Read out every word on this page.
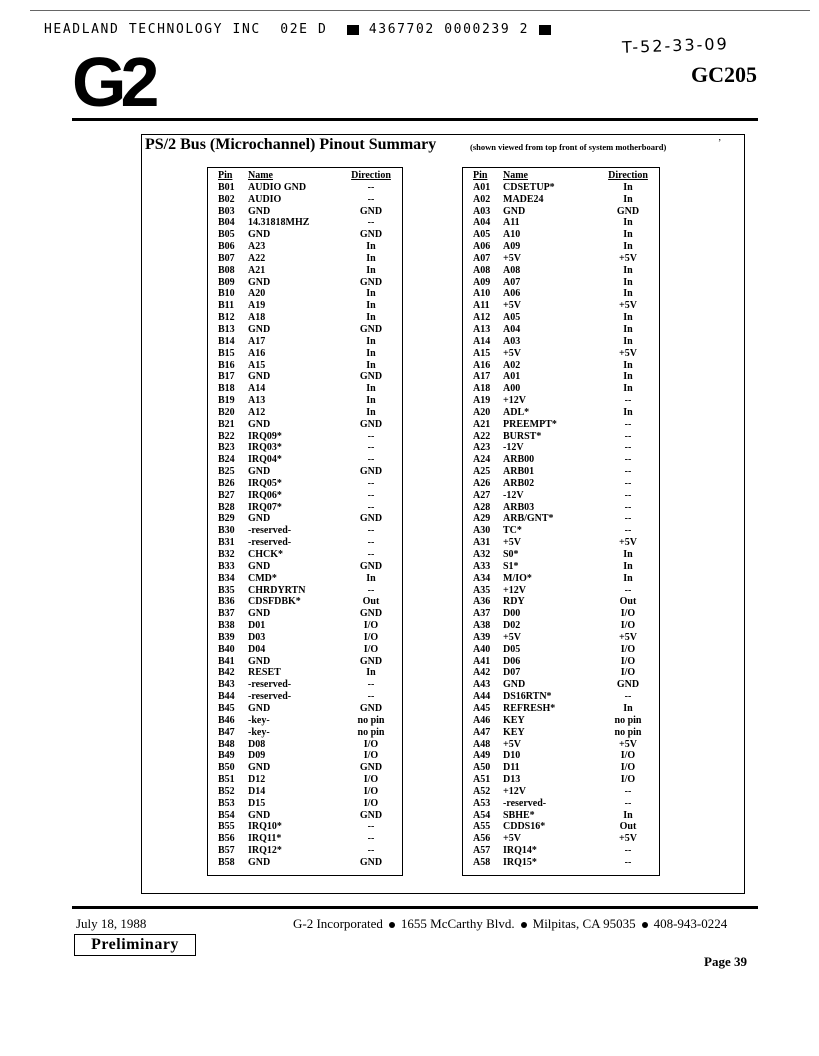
HEADLAND TECHNOLOGY INC 02E D	4367702 0000239 2
T-52-33-09
G2	GC205
PS/2 Bus (Microchannel) Pinout Summary	(shown viewed from top front of system motherboard)	’
Pin	Name	Direction
B01	AUDIO GND	--
B02	AUDIO	--
B03	GND	GND
B04	14.31818MHZ	--
B05	GND	GND
B06	A23	In
B07	A22	In
B08	A21	In
B09	GND	GND
B10	A20	In
B11	A19	In
B12	A18	In
B13	GND	GND
B14	A17	In
B15	A16	In
B16	A15	In
B17	GND	GND
B18	A14	In
B19	A13	In
B20	A12	In
B21	GND	GND
B22	IRQ09*	--
B23	IRQ03*	--
B24	IRQ04*	--
B25	GND	GND
B26	IRQ05*	--
B27	IRQ06*	--
B28	IRQ07*	--
B29	GND	GND
B30	-reserved-	--
B31	-reserved-	--
B32	CHCK*	--
B33	GND	GND
B34	CMD*	In
B35	CHRDYRTN	--
B36	CDSFDBK*	Out
B37	GND	GND
B38	D01	I/O
B39	D03	I/O
B40	D04	I/O
B41	GND	GND
B42	RESET	In
B43	-reserved-	--
B44	-reserved-	--
B45	GND	GND
B46	-key-	no pin
B47	-key-	no pin
B48	D08	I/O
B49	D09	I/O
B50	GND	GND
B51	D12	I/O
B52	D14	I/O
B53	D15	I/O
B54	GND	GND
B55	IRQ10*	--
B56	IRQ11*	--
B57	IRQ12*	--
B58	GND	GND
Pin	Name	Direction
A01	CDSETUP*	In
A02	MADE24	In
A03	GND	GND
A04	A11	In
A05	A10	In
A06	A09	In
A07	+5V	+5V
A08	A08	In
A09	A07	In
A10	A06	In
A11	+5V	+5V
A12	A05	In
A13	A04	In
A14	A03	In
A15	+5V	+5V
A16	A02	In
A17	A01	In
A18	A00	In
A19	+12V	--
A20	ADL*	In
A21	PREEMPT*	--
A22	BURST*	--
A23	-12V	--
A24	ARB00	--
A25	ARB01	--
A26	ARB02	--
A27	-12V	--
A28	ARB03	--
A29	ARB/GNT*	--
A30	TC*	--
A31	+5V	+5V
A32	S0*	In
A33	S1*	In
A34	M/IO*	In
A35	+12V	--
A36	RDY	Out
A37	D00	I/O
A38	D02	I/O
A39	+5V	+5V
A40	D05	I/O
A41	D06	I/O
A42	D07	I/O
A43	GND	GND
A44	DS16RTN*	--
A45	REFRESH*	In
A46	KEY	no pin
A47	KEY	no pin
A48	+5V	+5V
A49	D10	I/O
A50	D11	I/O
A51	D13	I/O
A52	+12V	--
A53	-reserved-	--
A54	SBHE*	In
A55	CDDS16*	Out
A56	+5V	+5V
A57	IRQ14*	--
A58	IRQ15*	--
July 18, 1988	G-2 Incorporated 1655 McCarthy Blvd. Milpitas, CA 95035 408-943-0224
Preliminary
Page 39
